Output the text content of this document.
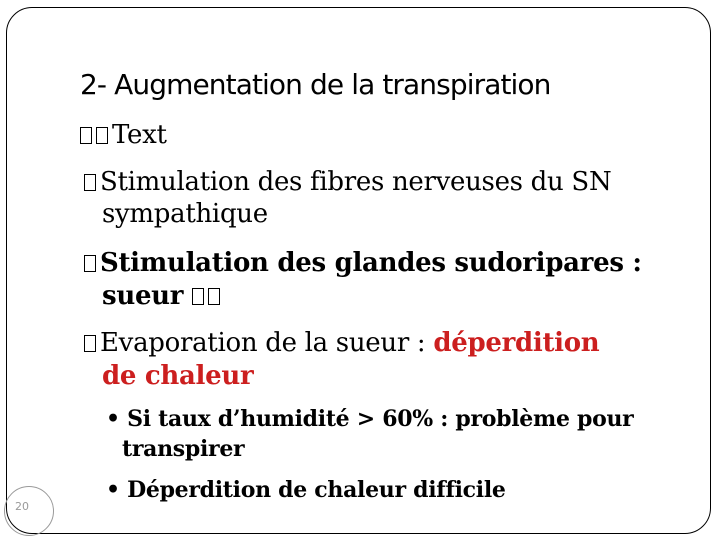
2- Augmentation de la transpiration
Text
Stimulation des fibres nerveuses du SN
sympathique
Stimulation des glandes sudoripares :
sueur
Evaporation de la sueur : déperdition
de chaleur
• Si taux d’humidité > 60% : problème pour
transpirer
• Déperdition de chaleur difficile
20
